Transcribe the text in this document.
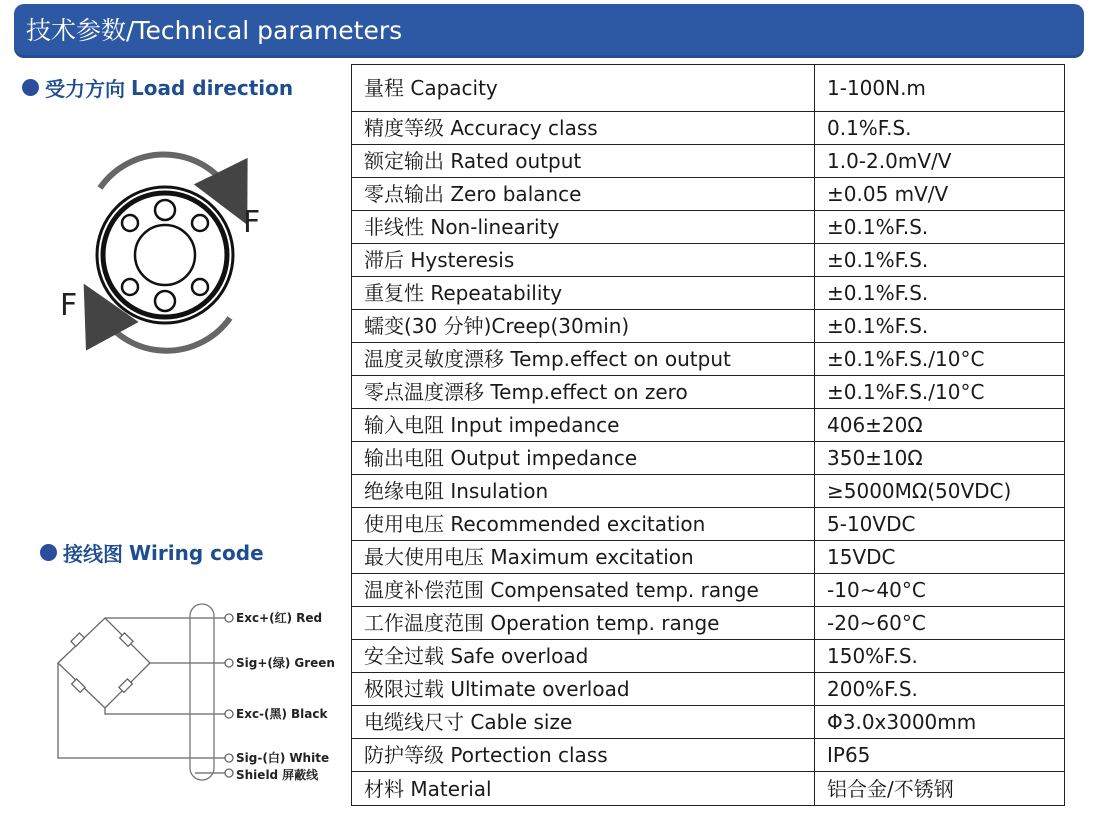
技术参数/Technical parameters
受力方向 Load direction
F
F
接线图 Wiring code
Exc+(红) Red
Sig+(绿) Green
Exc-(黑) Black
Sig-(白) White
Shield 屏蔽线
量程 Capacity	1-100N.m
精度等级 Accuracy class	0.1%F.S.
额定输出 Rated output	1.0-2.0mV/V
零点输出 Zero balance	±0.05 mV/V
非线性 Non-linearity	±0.1%F.S.
滞后 Hysteresis	±0.1%F.S.
重复性 Repeatability	±0.1%F.S.
蠕变(30 分钟)Creep(30min)	±0.1%F.S.
温度灵敏度漂移 Temp.effect on output	±0.1%F.S./10°C
零点温度漂移 Temp.effect on zero	±0.1%F.S./10°C
输入电阻 Input impedance	406±20Ω
输出电阻 Output impedance	350±10Ω
绝缘电阻 Insulation	≥5000MΩ(50VDC)
使用电压 Recommended excitation	5-10VDC
最大使用电压 Maximum excitation	15VDC
温度补偿范围 Compensated temp. range	-10~40°C
工作温度范围 Operation temp. range	-20~60°C
安全过载 Safe overload	150%F.S.
极限过载 Ultimate overload	200%F.S.
电缆线尺寸 Cable size	Φ3.0x3000mm
防护等级 Portection class	IP65
材料 Material	铝合金/不锈钢
